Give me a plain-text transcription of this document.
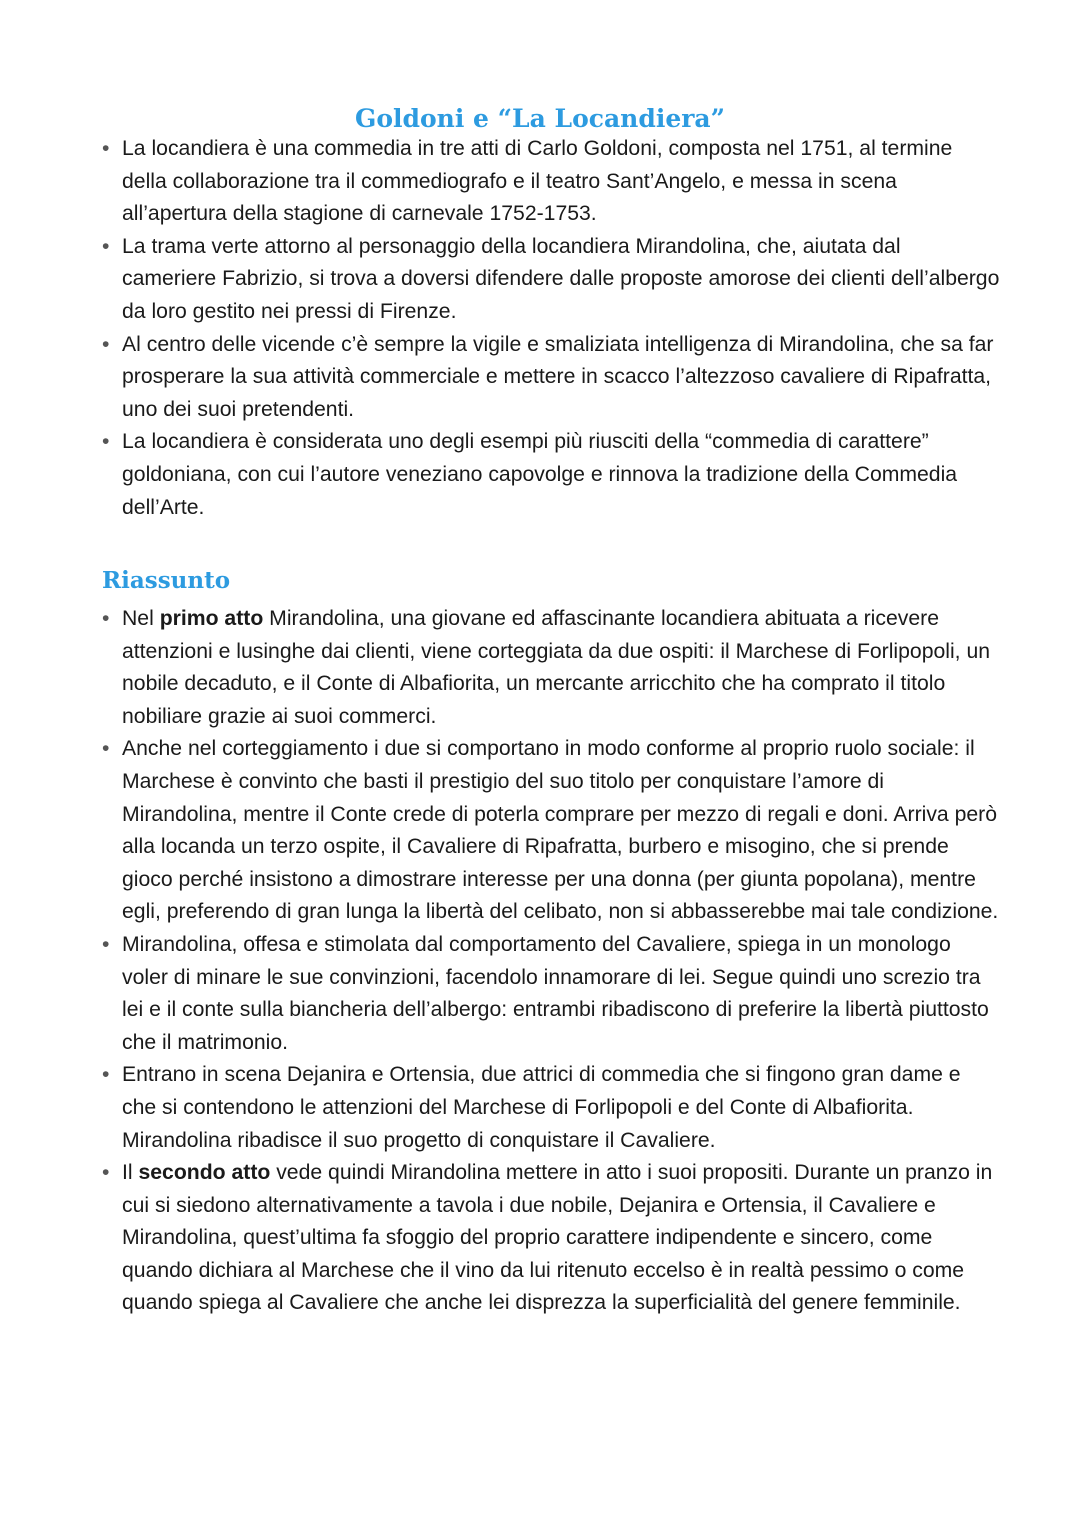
Goldoni e “La Locandiera”
• La locandiera è una commedia in tre atti di Carlo Goldoni, composta nel 1751, al termine della collaborazione tra il commediografo e il teatro Sant’Angelo, e messa in scena all’apertura della stagione di carnevale 1752-1753.
• La trama verte attorno al personaggio della locandiera Mirandolina, che, aiutata dal cameriere Fabrizio, si trova a doversi difendere dalle proposte amorose dei clienti dell’albergo da loro gestito nei pressi di Firenze.
• Al centro delle vicende c’è sempre la vigile e smaliziata intelligenza di Mirandolina, che sa far prosperare la sua attività commerciale e mettere in scacco l’altezzoso cavaliere di Ripafratta, uno dei suoi pretendenti.
• La locandiera è considerata uno degli esempi più riusciti della “commedia di carattere” goldoniana, con cui l’autore veneziano capovolge e rinnova la tradizione della Commedia dell’Arte.
Riassunto
• Nel primo atto Mirandolina, una giovane ed affascinante locandiera abituata a ricevere attenzioni e lusinghe dai clienti, viene corteggiata da due ospiti: il Marchese di Forlipopoli, un nobile decaduto, e il Conte di Albafiorita, un mercante arricchito che ha comprato il titolo nobiliare grazie ai suoi commerci.
• Anche nel corteggiamento i due si comportano in modo conforme al proprio ruolo sociale: il Marchese è convinto che basti il prestigio del suo titolo per conquistare l’amore di Mirandolina, mentre il Conte crede di poterla comprare per mezzo di regali e doni. Arriva però alla locanda un terzo ospite, il Cavaliere di Ripafratta, burbero e misogino, che si prende gioco perché insistono a dimostrare interesse per una donna (per giunta popolana), mentre egli, preferendo di gran lunga la libertà del celibato, non si abbasserebbe mai tale condizione.
• Mirandolina, offesa e stimolata dal comportamento del Cavaliere, spiega in un monologo voler di minare le sue convinzioni, facendolo innamorare di lei. Segue quindi uno screzio tra lei e il conte sulla biancheria dell’albergo: entrambi ribadiscono di preferire la libertà piuttosto che il matrimonio.
• Entrano in scena Dejanira e Ortensia, due attrici di commedia che si fingono gran dame e che si contendono le attenzioni del Marchese di Forlipopoli e del Conte di Albafiorita. Mirandolina ribadisce il suo progetto di conquistare il Cavaliere.
• Il secondo atto vede quindi Mirandolina mettere in atto i suoi propositi. Durante un pranzo in cui si siedono alternativamente a tavola i due nobile, Dejanira e Ortensia, il Cavaliere e Mirandolina, quest’ultima fa sfoggio del proprio carattere indipendente e sincero, come quando dichiara al Marchese che il vino da lui ritenuto eccelso è in realtà pessimo o come quando spiega al Cavaliere che anche lei disprezza la superficialità del genere femminile.
